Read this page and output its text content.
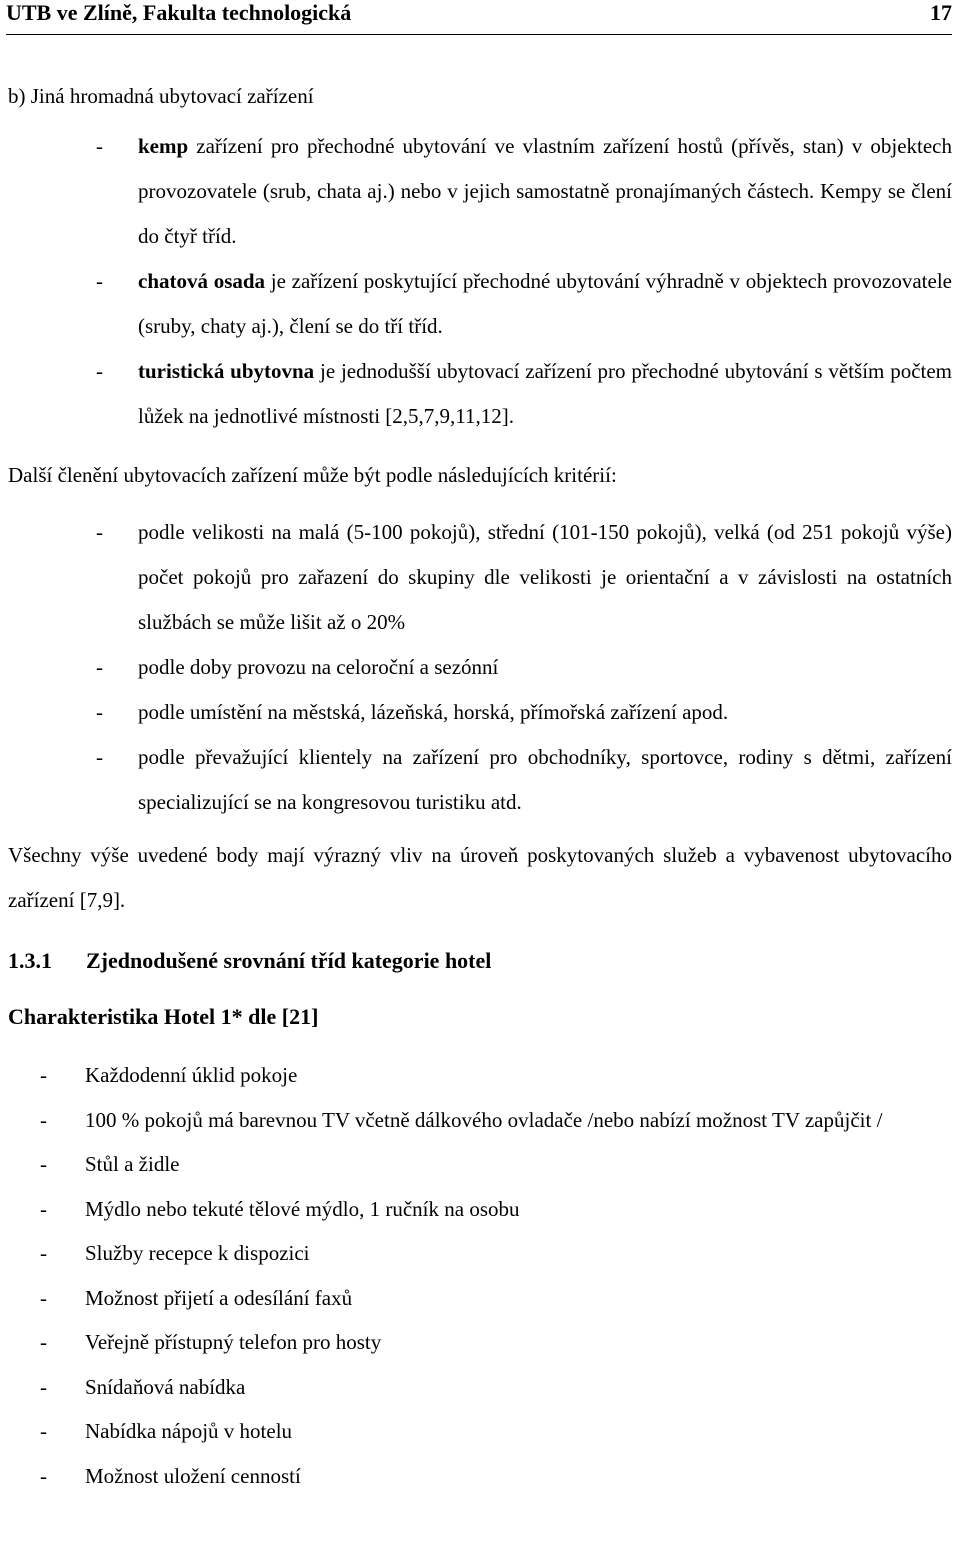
UTB ve Zlíně, Fakulta technologická	17

b) Jiná hromadná ubytovací zařízení

- kemp zařízení pro přechodné ubytování ve vlastním zařízení hostů (přívěs, stan) v objektech provozovatele (srub, chata aj.) nebo v jejich samostatně pronajímaných částech. Kempy se člení do čtyř tříd.
- chatová osada je zařízení poskytující přechodné ubytování výhradně v objektech provozovatele (sruby, chaty aj.), člení se do tří tříd.
- turistická ubytovna je jednodušší ubytovací zařízení pro přechodné ubytování s větším počtem lůžek na jednotlivé místnosti [2,5,7,9,11,12].

Další členění ubytovacích zařízení může být podle následujících kritérií:

- podle velikosti na malá (5-100 pokojů), střední (101-150 pokojů), velká (od 251 pokojů výše) počet pokojů pro zařazení do skupiny dle velikosti je orientační a v závislosti na ostatních službách se může lišit až o 20%
- podle doby provozu na celoroční a sezónní
- podle umístění na městská, lázeňská, horská, přímořská zařízení apod.
- podle převažující klientely na zařízení pro obchodníky, sportovce, rodiny s dětmi, zařízení specializující se na kongresovou turistiku atd.

Všechny výše uvedené body mají výrazný vliv na úroveň poskytovaných služeb a vybavenost ubytovacího zařízení [7,9].

1.3.1 Zjednodušené srovnání tříd kategorie hotel

Charakteristika Hotel 1* dle [21]

- Každodenní úklid pokoje
- 100 % pokojů má barevnou TV včetně dálkového ovladače /nebo nabízí možnost TV zapůjčit /
- Stůl a židle
- Mýdlo nebo tekuté tělové mýdlo, 1 ručník na osobu
- Služby recepce k dispozici
- Možnost přijetí a odesílání faxů
- Veřejně přístupný telefon pro hosty
- Snídaňová nabídka
- Nabídka nápojů v hotelu
- Možnost uložení cenností
